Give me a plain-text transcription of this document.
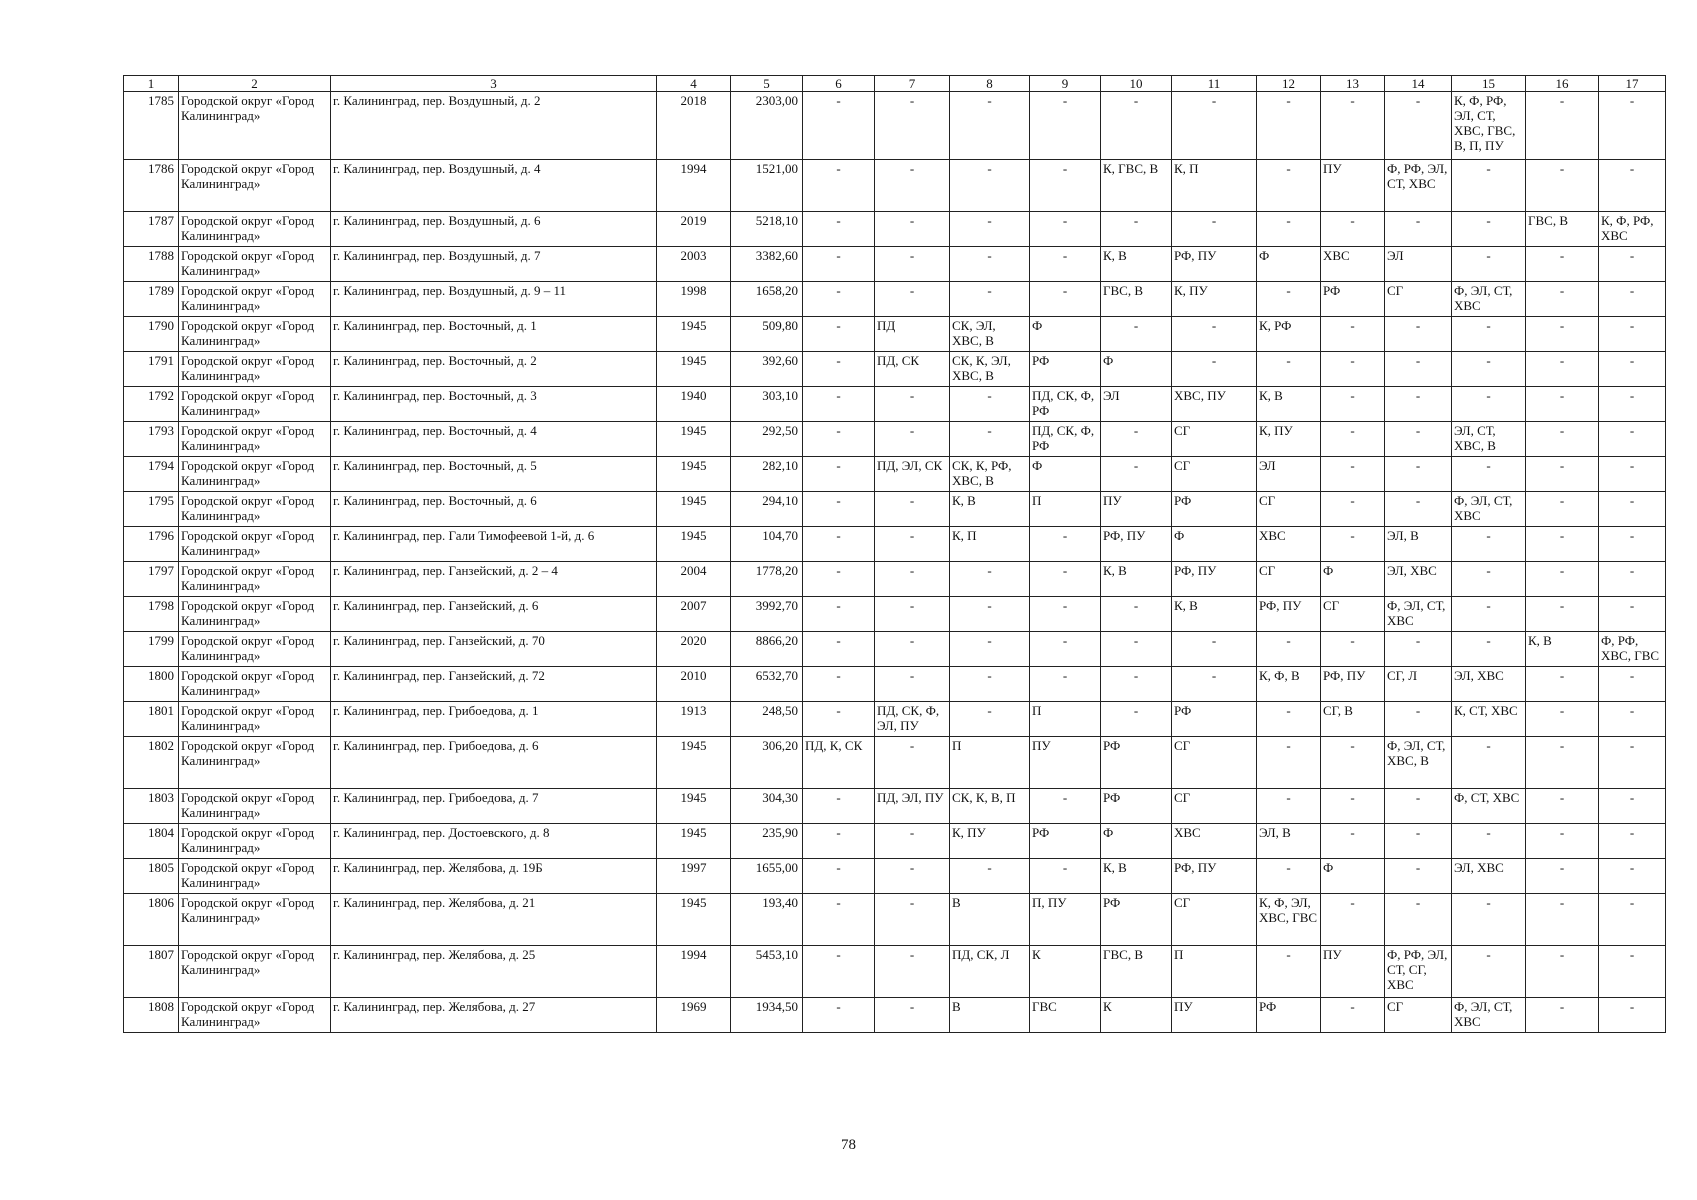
1	2	3	4	5	6	7	8	9	10	11	12	13	14	15	16	17
1785	Городской округ «Город Калининград»	г. Калининград, пер. Воздушный, д. 2	2018	2303,00	-	-	-	-	-	-	-	-	-	К, Ф, РФ, ЭЛ, СТ, ХВС, ГВС, В, П, ПУ	-	-
1786	Городской округ «Город Калининград»	г. Калининград, пер. Воздушный, д. 4	1994	1521,00	-	-	-	-	К, ГВС, В	К, П	-	ПУ	Ф, РФ, ЭЛ, СТ, ХВС	-	-	-
1787	Городской округ «Город Калининград»	г. Калининград, пер. Воздушный, д. 6	2019	5218,10	-	-	-	-	-	-	-	-	-	-	ГВС, В	К, Ф, РФ, ХВС
1788	Городской округ «Город Калининград»	г. Калининград, пер. Воздушный, д. 7	2003	3382,60	-	-	-	-	К, В	РФ, ПУ	Ф	ХВС	ЭЛ	-	-	-
1789	Городской округ «Город Калининград»	г. Калининград, пер. Воздушный, д. 9 – 11	1998	1658,20	-	-	-	-	ГВС, В	К, ПУ	-	РФ	СГ	Ф, ЭЛ, СТ, ХВС	-	-
1790	Городской округ «Город Калининград»	г. Калининград, пер. Восточный, д. 1	1945	509,80	-	ПД	СК, ЭЛ, ХВС, В	Ф	-	-	К, РФ	-	-	-	-	-
1791	Городской округ «Город Калининград»	г. Калининград, пер. Восточный, д. 2	1945	392,60	-	ПД, СК	СК, К, ЭЛ, ХВС, В	РФ	Ф	-	-	-	-	-	-	-
1792	Городской округ «Город Калининград»	г. Калининград, пер. Восточный, д. 3	1940	303,10	-	-	-	ПД, СК, Ф, РФ	ЭЛ	ХВС, ПУ	К, В	-	-	-	-	-
1793	Городской округ «Город Калининград»	г. Калининград, пер. Восточный, д. 4	1945	292,50	-	-	-	ПД, СК, Ф, РФ	-	СГ	К, ПУ	-	-	ЭЛ, СТ, ХВС, В	-	-
1794	Городской округ «Город Калининград»	г. Калининград, пер. Восточный, д. 5	1945	282,10	-	ПД, ЭЛ, СК	СК, К, РФ, ХВС, В	Ф	-	СГ	ЭЛ	-	-	-	-	-
1795	Городской округ «Город Калининград»	г. Калининград, пер. Восточный, д. 6	1945	294,10	-	-	К, В	П	ПУ	РФ	СГ	-	-	Ф, ЭЛ, СТ, ХВС	-	-
1796	Городской округ «Город Калининград»	г. Калининград, пер. Гали Тимофеевой 1-й, д. 6	1945	104,70	-	-	К, П	-	РФ, ПУ	Ф	ХВС	-	ЭЛ, В	-	-	-
1797	Городской округ «Город Калининград»	г. Калининград, пер. Ганзейский, д. 2 – 4	2004	1778,20	-	-	-	-	К, В	РФ, ПУ	СГ	Ф	ЭЛ, ХВС	-	-	-
1798	Городской округ «Город Калининград»	г. Калининград, пер. Ганзейский, д. 6	2007	3992,70	-	-	-	-	-	К, В	РФ, ПУ	СГ	Ф, ЭЛ, СТ, ХВС	-	-	-
1799	Городской округ «Город Калининград»	г. Калининград, пер. Ганзейский, д. 70	2020	8866,20	-	-	-	-	-	-	-	-	-	-	К, В	Ф, РФ, ХВС, ГВС
1800	Городской округ «Город Калининград»	г. Калининград, пер. Ганзейский, д. 72	2010	6532,70	-	-	-	-	-	-	К, Ф, В	РФ, ПУ	СГ, Л	ЭЛ, ХВС	-	-
1801	Городской округ «Город Калининград»	г. Калининград, пер. Грибоедова, д. 1	1913	248,50	-	ПД, СК, Ф, ЭЛ, ПУ	-	П	-	РФ	-	СГ, В	-	К, СТ, ХВС	-	-
1802	Городской округ «Город Калининград»	г. Калининград, пер. Грибоедова, д. 6	1945	306,20	ПД, К, СК	-	П	ПУ	РФ	СГ	-	-	Ф, ЭЛ, СТ, ХВС, В	-	-	-
1803	Городской округ «Город Калининград»	г. Калининград, пер. Грибоедова, д. 7	1945	304,30	-	ПД, ЭЛ, ПУ	СК, К, В, П	-	РФ	СГ	-	-	-	Ф, СТ, ХВС	-	-
1804	Городской округ «Город Калининград»	г. Калининград, пер. Достоевского, д. 8	1945	235,90	-	-	К, ПУ	РФ	Ф	ХВС	ЭЛ, В	-	-	-	-	-
1805	Городской округ «Город Калининград»	г. Калининград, пер. Желябова, д. 19Б	1997	1655,00	-	-	-	-	К, В	РФ, ПУ	-	Ф	-	ЭЛ, ХВС	-	-
1806	Городской округ «Город Калининград»	г. Калининград, пер. Желябова, д. 21	1945	193,40	-	-	В	П, ПУ	РФ	СГ	К, Ф, ЭЛ, ХВС, ГВС	-	-	-	-	-
1807	Городской округ «Город Калининград»	г. Калининград, пер. Желябова, д. 25	1994	5453,10	-	-	ПД, СК, Л	К	ГВС, В	П	-	ПУ	Ф, РФ, ЭЛ, СТ, СГ, ХВС	-	-	-
1808	Городской округ «Город Калининград»	г. Калининград, пер. Желябова, д. 27	1969	1934,50	-	-	В	ГВС	К	ПУ	РФ	-	СГ	Ф, ЭЛ, СТ, ХВС	-	-
78
